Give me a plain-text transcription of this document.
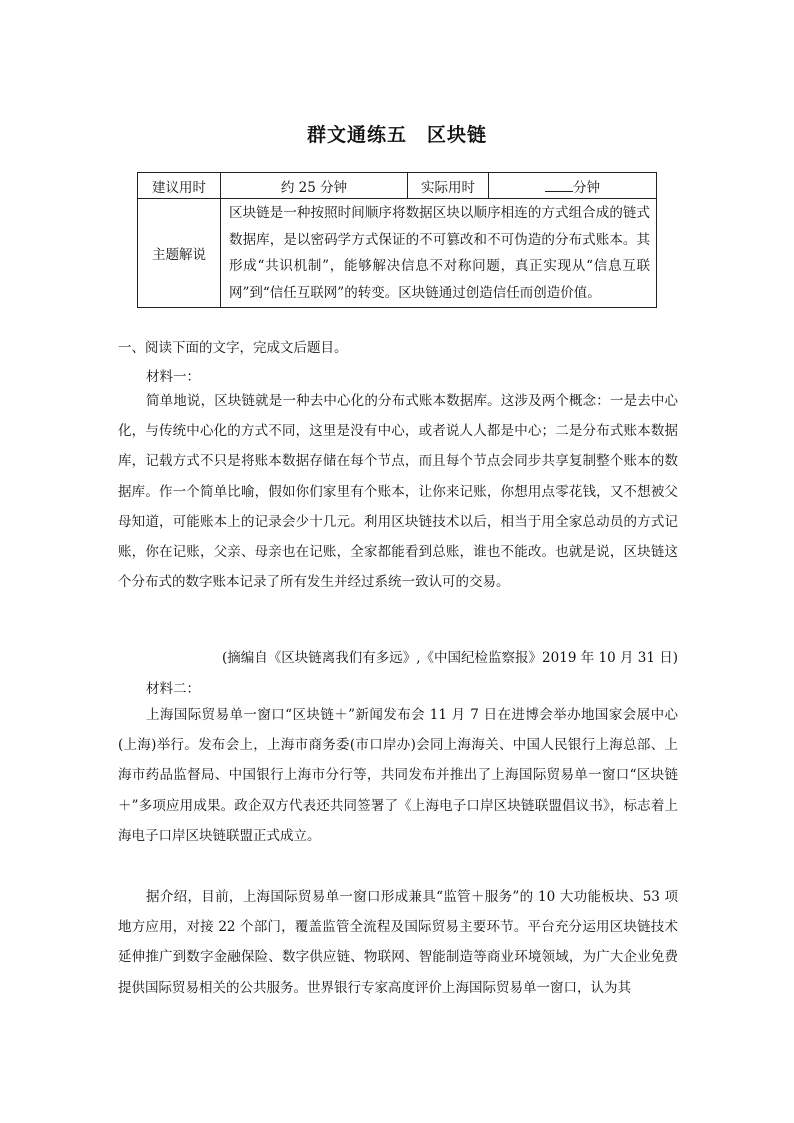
群文通练五　区块链
建议用时	约 25 分钟	实际用时	分钟
主题解说	区块链是一种按照时间顺序将数据区块以顺序相连的方式组合成的链式数据库，是以密码学方式保证的不可篡改和不可伪造的分布式账本。其形成“共识机制”，能够解决信息不对称问题，真正实现从“信息互联网”到“信任互联网”的转变。区块链通过创造信任而创造价值。		
一、阅读下面的文字，完成文后题目。
材料一：
简单地说，区块链就是一种去中心化的分布式账本数据库。这涉及两个概念：一是去中心化，与传统中心化的方式不同，这里是没有中心，或者说人人都是中心；二是分布式账本数据库，记载方式不只是将账本数据存储在每个节点，而且每个节点会同步共享复制整个账本的数据库。作一个简单比喻，假如你们家里有个账本，让你来记账，你想用点零花钱，又不想被父母知道，可能账本上的记录会少十几元。利用区块链技术以后，相当于用全家总动员的方式记账，你在记账，父亲、母亲也在记账，全家都能看到总账，谁也不能改。也就是说，区块链这个分布式的数字账本记录了所有发生并经过系统一致认可的交易。
(摘编自《区块链离我们有多远》,《中国纪检监察报》2019 年 10 月 31 日)
材料二：
上海国际贸易单一窗口“区块链＋”新闻发布会 11 月 7 日在进博会举办地国家会展中心(上海)举行。发布会上，上海市商务委(市口岸办)会同上海海关、中国人民银行上海总部、上海市药品监督局、中国银行上海市分行等，共同发布并推出了上海国际贸易单一窗口“区块链＋”多项应用成果。政企双方代表还共同签署了《上海电子口岸区块链联盟倡议书》，标志着上海电子口岸区块链联盟正式成立。
据介绍，目前，上海国际贸易单一窗口形成兼具“监管＋服务”的 10 大功能板块、53 项地方应用，对接 22 个部门，覆盖监管全流程及国际贸易主要环节。平台充分运用区块链技术延伸推广到数字金融保险、数字供应链、物联网、智能制造等商业环境领域，为广大企业免费提供国际贸易相关的公共服务。世界银行专家高度评价上海国际贸易单一窗口，认为其
